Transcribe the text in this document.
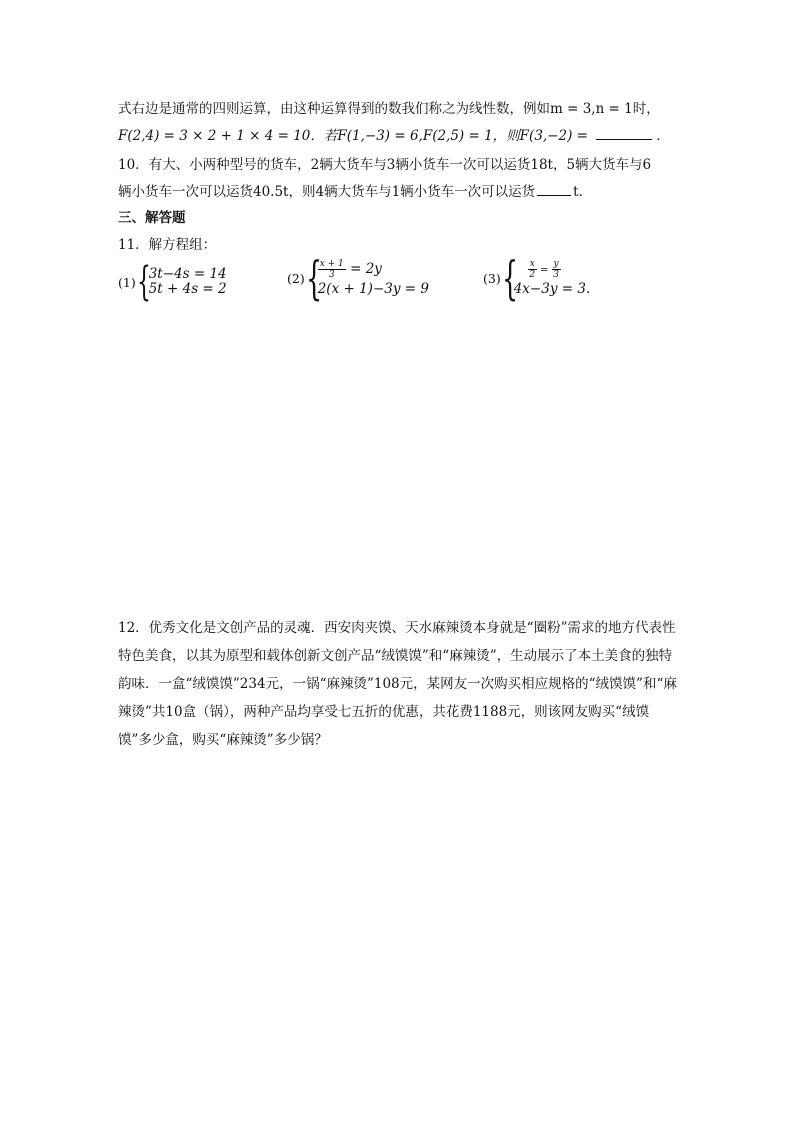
式右边是通常的四则运算，由这种运算得到的数我们称之为线性数，例如m = 3,n = 1时，
F(2,4) = 3 × 2 + 1 × 4 = 10．若F(1,−3) = 6,F(2,5) = 1，则F(3,−2) =	．
10．有大、小两种型号的货车，2辆大货车与3辆小货车一次可以运货18t，5辆大货车与6
辆小货车一次可以运货40.5t，则4辆大货车与1辆小货车一次可以运货	t．
三、解答题
11．解方程组：
(1) {
3t−4s = 14
5t + 4s = 2
(2) {
$\frac{x + 1}{3} = 2y$
2(x + 1)−3y = 9
(3) { $\frac{x}{2} = \frac{y}{3}$
4x−3y = 3.
12．优秀文化是文创产品的灵魂．西安肉夹馍、天水麻辣烫本身就是“圈粉”需求的地方代表性特色美食，以其为原型和载体创新文创产品“绒馍馍”和“麻辣烫”，生动展示了本土美食的独特韵味．一盒“绒馍馍”234元，一锅“麻辣烫”108元，某网友一次购买相应规格的“绒馍馍”和“麻辣烫”共10盒（锅），两种产品均享受七五折的优惠，共花费1188元，则该网友购买“绒馍馍”多少盒，购买“麻辣烫”多少锅？
